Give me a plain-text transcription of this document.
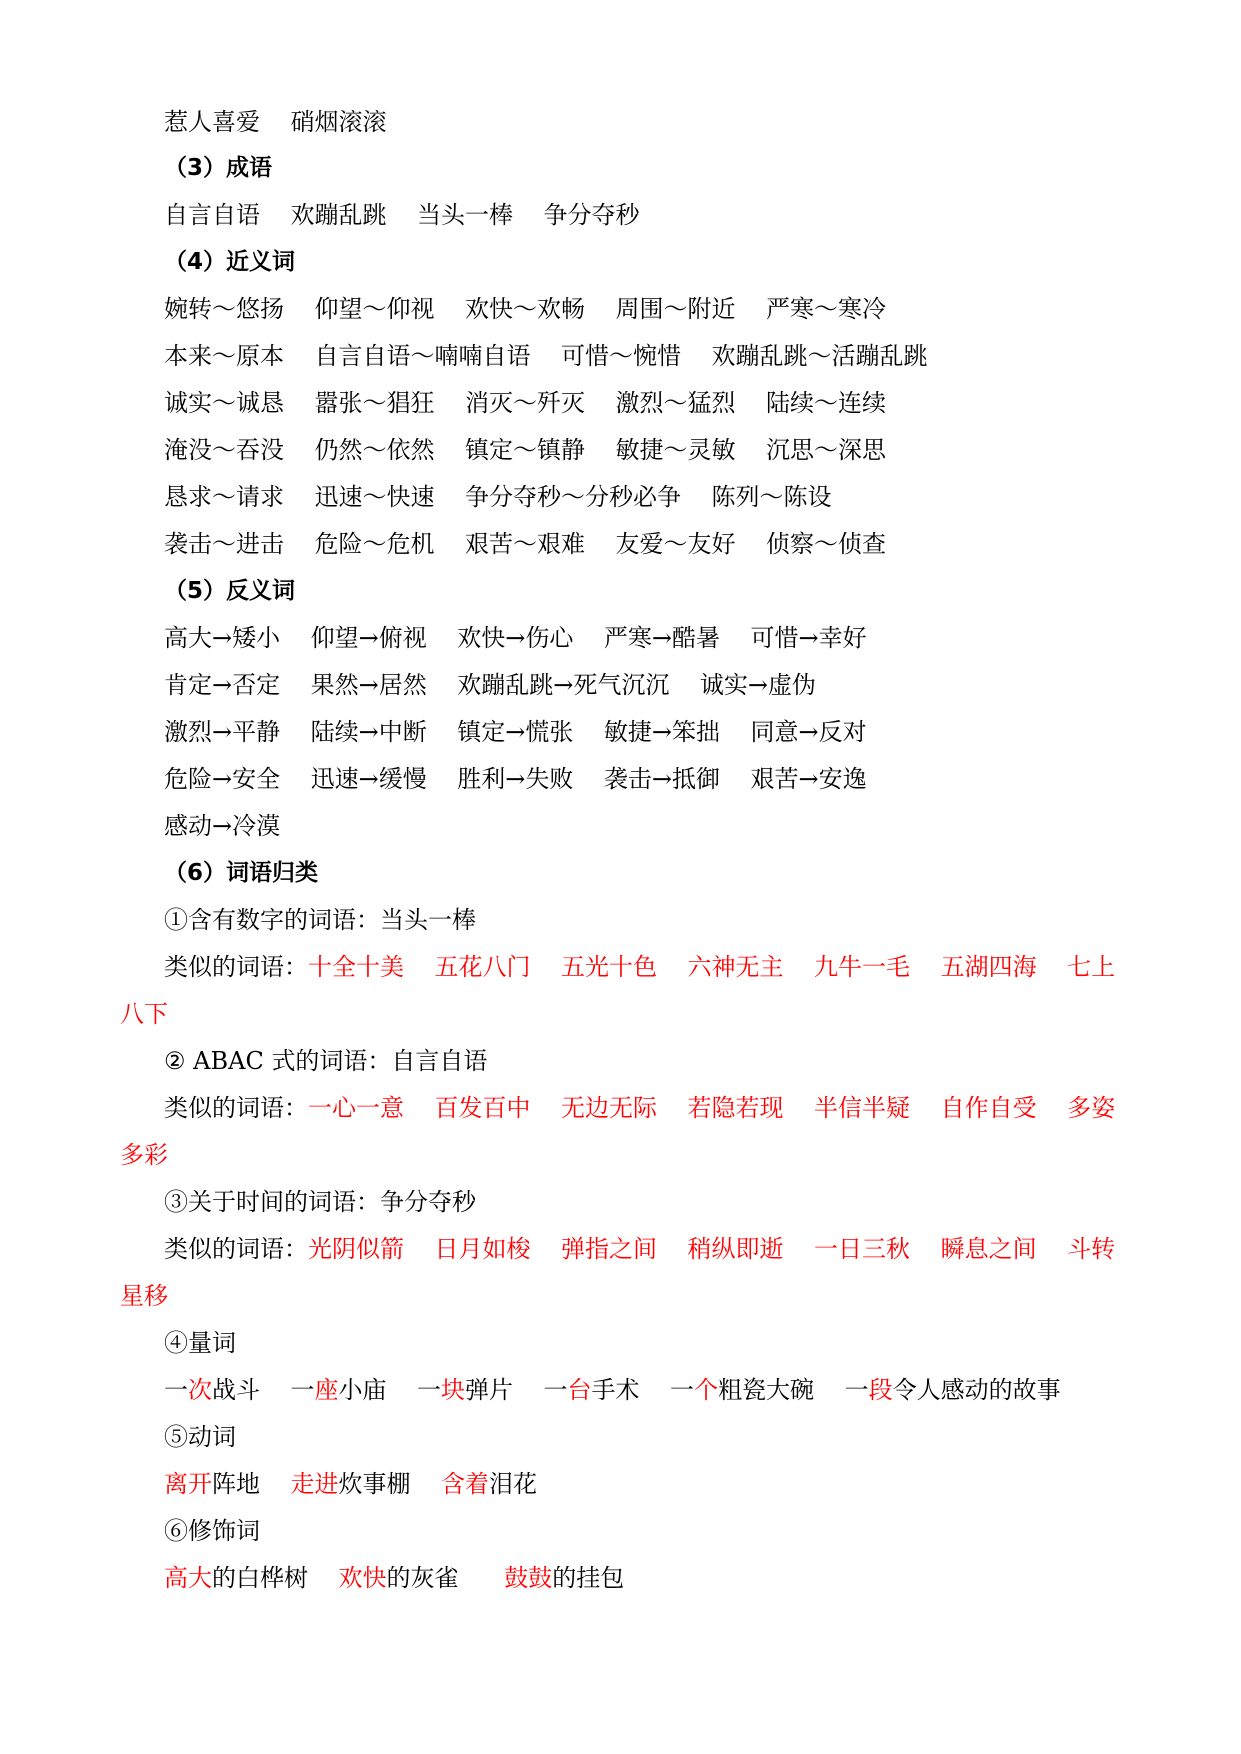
惹人喜爱    硝烟滚滚
（3）成语
自言自语    欢蹦乱跳    当头一棒    争分夺秒
（4）近义词
婉转～悠扬    仰望～仰视    欢快～欢畅    周围～附近    严寒～寒冷
本来～原本    自言自语～喃喃自语    可惜～惋惜    欢蹦乱跳～活蹦乱跳
诚实～诚恳    嚣张～猖狂    消灭～歼灭    激烈～猛烈    陆续～连续
淹没～吞没    仍然～依然    镇定～镇静    敏捷～灵敏    沉思～深思
恳求～请求    迅速～快速    争分夺秒～分秒必争    陈列～陈设
袭击～进击    危险～危机    艰苦～艰难    友爱～友好    侦察～侦查
（5）反义词
高大→矮小    仰望→俯视    欢快→伤心    严寒→酷暑    可惜→幸好
肯定→否定    果然→居然    欢蹦乱跳→死气沉沉    诚实→虚伪
激烈→平静    陆续→中断    镇定→慌张    敏捷→笨拙    同意→反对
危险→安全    迅速→缓慢    胜利→失败    袭击→抵御    艰苦→安逸
感动→冷漠
（6）词语归类
①含有数字的词语：当头一棒
类似的词语：十全十美    五花八门    五光十色    六神无主    九牛一毛    五湖四海    七上
八下
② ABAC 式的词语：自言自语
类似的词语：一心一意    百发百中    无边无际    若隐若现    半信半疑    自作自受    多姿
多彩
③关于时间的词语：争分夺秒
类似的词语：光阴似箭    日月如梭    弹指之间    稍纵即逝    一日三秋    瞬息之间    斗转
星移
④量词
一次战斗    一座小庙    一块弹片    一台手术    一个粗瓷大碗    一段令人感动的故事
⑤动词
离开阵地    走进炊事棚    含着泪花
⑥修饰词
高大的白桦树    欢快的灰雀      鼓鼓的挂包
